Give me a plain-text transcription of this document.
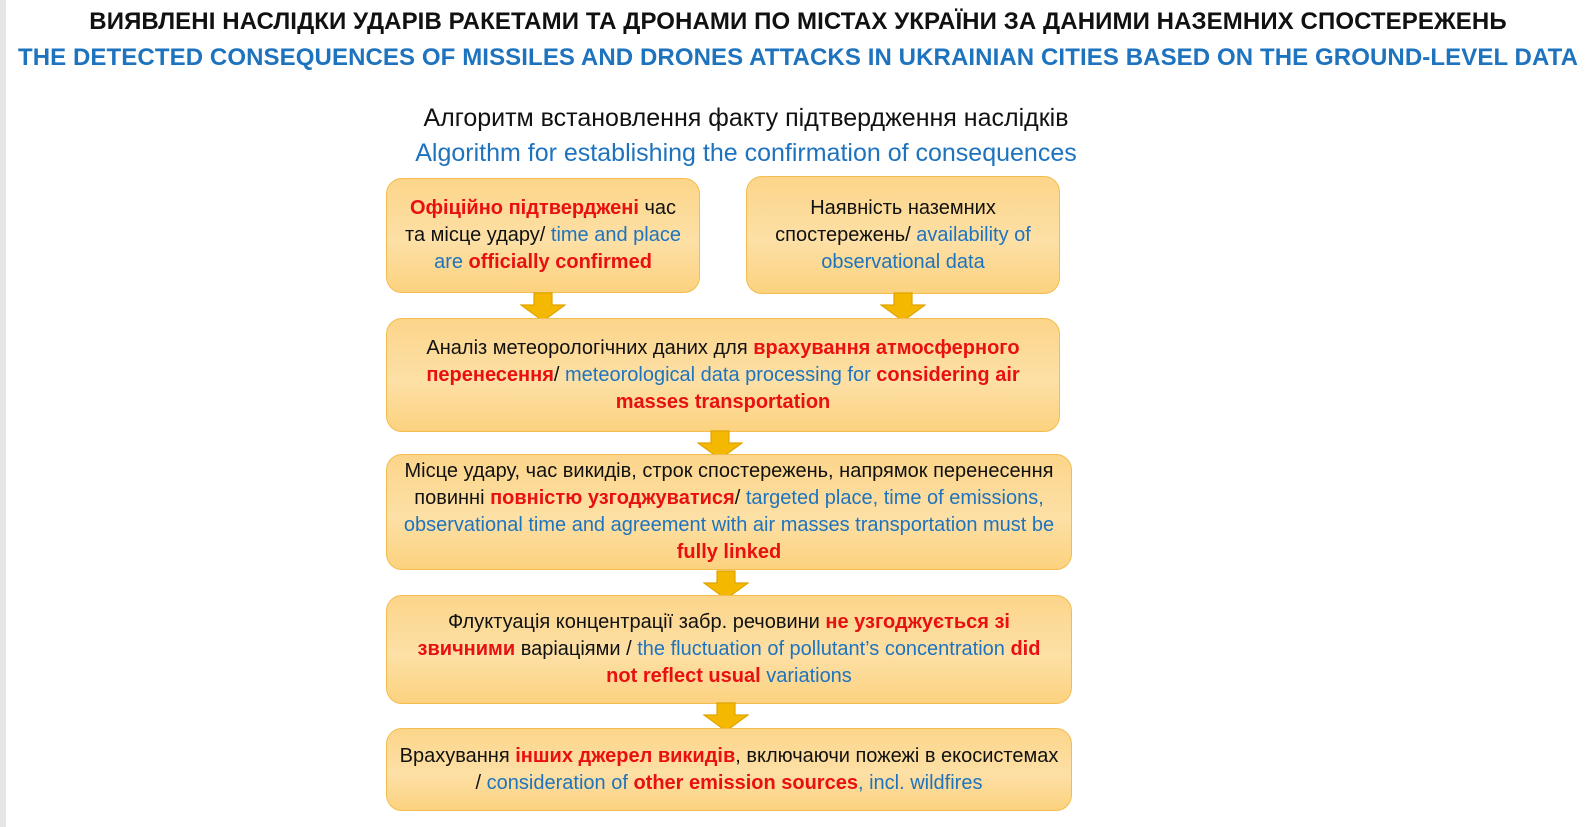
ВИЯВЛЕНІ НАСЛІДКИ УДАРІВ РАКЕТАМИ ТА ДРОНАМИ ПО МІСТАХ УКРАЇНИ ЗА ДАНИМИ НАЗЕМНИХ СПОСТЕРЕЖЕНЬ
THE DETECTED CONSEQUENCES OF MISSILES AND DRONES ATTACKS IN UKRAINIAN CITIES BASED ON THE GROUND-LEVEL DATA
Алгоритм встановлення факту підтвердження наслідків
Algorithm for establishing the confirmation of consequences

Офіційно підтверджені час та місце удару/ time and place are officially confirmed

Наявність наземних спостережень/ availability of observational data

Аналіз метеорологічних даних для врахування атмосферного перенесення/ meteorological data processing for considering air masses transportation

Місце удару, час викидів, строк спостережень, напрямок перенесення повинні повністю узгоджуватися/ targeted place, time of emissions, observational time and agreement with air masses transportation must be fully linked

Флуктуація концентрації забр. речовини не узгоджується зі звичними варіаціями / the fluctuation of pollutant’s concentration did not reflect usual variations

Врахування інших джерел викидів, включаючи пожежі в екосистемах / consideration of other emission sources, incl. wildfires
